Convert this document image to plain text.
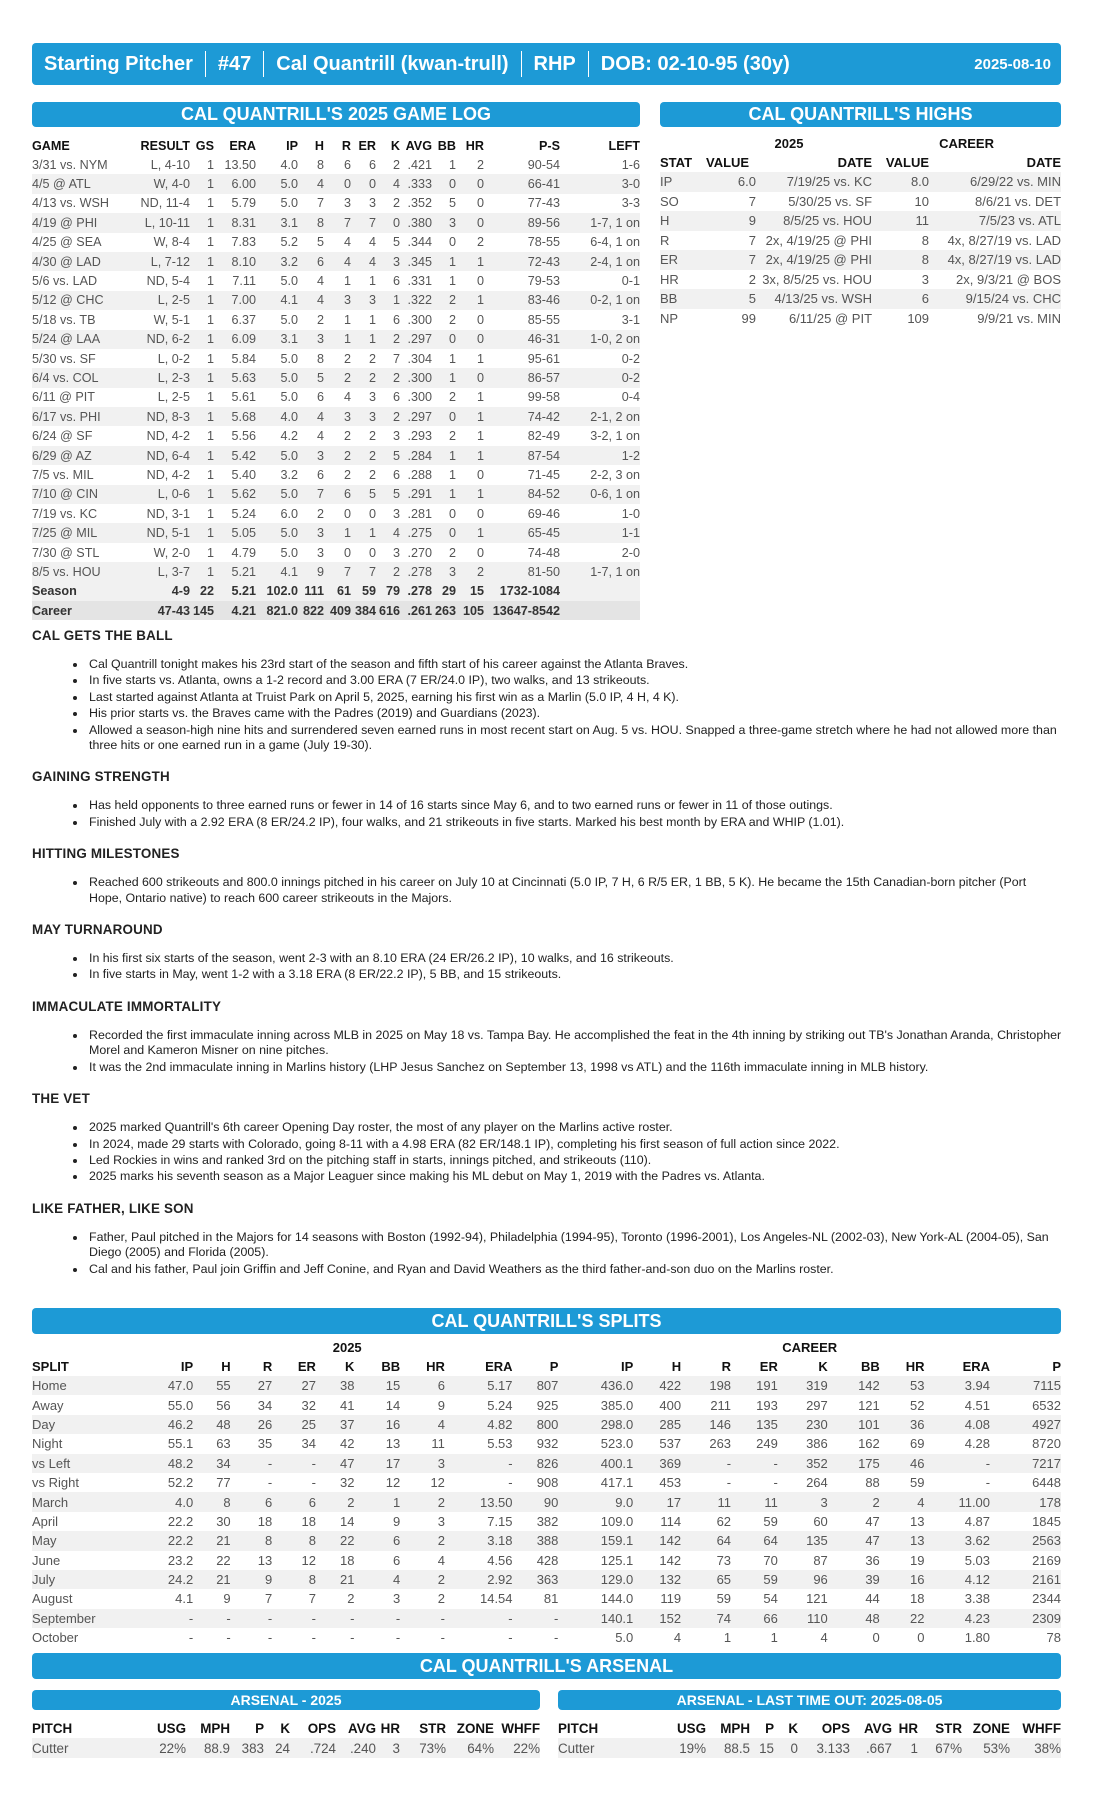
Starting Pitcher	#47	Cal Quantrill (kwan-trull)	RHP	DOB: 02-10-95 (30y)	2025-08-10
CAL QUANTRILL'S 2025 GAME LOG
GAME	RESULT	GS	ERA	IP	H	R	ER	K	AVG	BB	HR	P-S	LEFT
3/31 vs. NYM	L, 4-10	1	13.50	4.0	8	6	6	2	.421	1	2	90-54	1-6
4/5 @ ATL	W, 4-0	1	6.00	5.0	4	0	0	4	.333	0	0	66-41	3-0
4/13 vs. WSH	ND, 11-4	1	5.79	5.0	7	3	3	2	.352	5	0	77-43	3-3
4/19 @ PHI	L, 10-11	1	8.31	3.1	8	7	7	0	.380	3	0	89-56	1-7, 1 on
4/25 @ SEA	W, 8-4	1	7.83	5.2	5	4	4	5	.344	0	2	78-55	6-4, 1 on
4/30 @ LAD	L, 7-12	1	8.10	3.2	6	4	4	3	.345	1	1	72-43	2-4, 1 on
5/6 vs. LAD	ND, 5-4	1	7.11	5.0	4	1	1	6	.331	1	0	79-53	0-1
5/12 @ CHC	L, 2-5	1	7.00	4.1	4	3	3	1	.322	2	1	83-46	0-2, 1 on
5/18 vs. TB	W, 5-1	1	6.37	5.0	2	1	1	6	.300	2	0	85-55	3-1
5/24 @ LAA	ND, 6-2	1	6.09	3.1	3	1	1	2	.297	0	0	46-31	1-0, 2 on
5/30 vs. SF	L, 0-2	1	5.84	5.0	8	2	2	7	.304	1	1	95-61	0-2
6/4 vs. COL	L, 2-3	1	5.63	5.0	5	2	2	2	.300	1	0	86-57	0-2
6/11 @ PIT	L, 2-5	1	5.61	5.0	6	4	3	6	.300	2	1	99-58	0-4
6/17 vs. PHI	ND, 8-3	1	5.68	4.0	4	3	3	2	.297	0	1	74-42	2-1, 2 on
6/24 @ SF	ND, 4-2	1	5.56	4.2	4	2	2	3	.293	2	1	82-49	3-2, 1 on
6/29 @ AZ	ND, 6-4	1	5.42	5.0	3	2	2	5	.284	1	1	87-54	1-2
7/5 vs. MIL	ND, 4-2	1	5.40	3.2	6	2	2	6	.288	1	0	71-45	2-2, 3 on
7/10 @ CIN	L, 0-6	1	5.62	5.0	7	6	5	5	.291	1	1	84-52	0-6, 1 on
7/19 vs. KC	ND, 3-1	1	5.24	6.0	2	0	0	3	.281	0	0	69-46	1-0
7/25 @ MIL	ND, 5-1	1	5.05	5.0	3	1	1	4	.275	0	1	65-45	1-1
7/30 @ STL	W, 2-0	1	4.79	5.0	3	0	0	3	.270	2	0	74-48	2-0
8/5 vs. HOU	L, 3-7	1	5.21	4.1	9	7	7	2	.278	3	2	81-50	1-7, 1 on
Season	4-9	22	5.21	102.0	111	61	59	79	.278	29	15	1732-1084	
Career	47-43	145	4.21	821.0	822	409	384	616	.261	263	105	13647-8542	
CAL QUANTRILL'S HIGHS
	2025		CAREER	
STAT	VALUE	DATE	VALUE	DATE
IP	6.0	7/19/25 vs. KC	8.0	6/29/22 vs. MIN
SO	7	5/30/25 vs. SF	10	8/6/21 vs. DET
H	9	8/5/25 vs. HOU	11	7/5/23 vs. ATL
R	7	2x, 4/19/25 @ PHI	8	4x, 8/27/19 vs. LAD
ER	7	2x, 4/19/25 @ PHI	8	4x, 8/27/19 vs. LAD
HR	2	3x, 8/5/25 vs. HOU	3	2x, 9/3/21 @ BOS
BB	5	4/13/25 vs. WSH	6	9/15/24 vs. CHC
NP	99	6/11/25 @ PIT	109	9/9/21 vs. MIN
CAL GETS THE BALL
• Cal Quantrill tonight makes his 23rd start of the season and fifth start of his career against the Atlanta Braves.
• In five starts vs. Atlanta, owns a 1-2 record and 3.00 ERA (7 ER/24.0 IP), two walks, and 13 strikeouts.
• Last started against Atlanta at Truist Park on April 5, 2025, earning his first win as a Marlin (5.0 IP, 4 H, 4 K).
• His prior starts vs. the Braves came with the Padres (2019) and Guardians (2023).
• Allowed a season-high nine hits and surrendered seven earned runs in most recent start on Aug. 5 vs. HOU. Snapped a three-game stretch where he had not allowed more than three hits or one earned run in a game (July 19-30).
GAINING STRENGTH
• Has held opponents to three earned runs or fewer in 14 of 16 starts since May 6, and to two earned runs or fewer in 11 of those outings.
• Finished July with a 2.92 ERA (8 ER/24.2 IP), four walks, and 21 strikeouts in five starts. Marked his best month by ERA and WHIP (1.01).
HITTING MILESTONES
• Reached 600 strikeouts and 800.0 innings pitched in his career on July 10 at Cincinnati (5.0 IP, 7 H, 6 R/5 ER, 1 BB, 5 K). He became the 15th Canadian-born pitcher (Port Hope, Ontario native) to reach 600 career strikeouts in the Majors.
MAY TURNAROUND
• In his first six starts of the season, went 2-3 with an 8.10 ERA (24 ER/26.2 IP), 10 walks, and 16 strikeouts.
• In five starts in May, went 1-2 with a 3.18 ERA (8 ER/22.2 IP), 5 BB, and 15 strikeouts.
IMMACULATE IMMORTALITY
• Recorded the first immaculate inning across MLB in 2025 on May 18 vs. Tampa Bay. He accomplished the feat in the 4th inning by striking out TB's Jonathan Aranda, Christopher Morel and Kameron Misner on nine pitches.
• It was the 2nd immaculate inning in Marlins history (LHP Jesus Sanchez on September 13, 1998 vs ATL) and the 116th immaculate inning in MLB history.
THE VET
• 2025 marked Quantrill's 6th career Opening Day roster, the most of any player on the Marlins active roster.
• In 2024, made 29 starts with Colorado, going 8-11 with a 4.98 ERA (82 ER/148.1 IP), completing his first season of full action since 2022.
• Led Rockies in wins and ranked 3rd on the pitching staff in starts, innings pitched, and strikeouts (110).
• 2025 marks his seventh season as a Major Leaguer since making his ML debut on May 1, 2019 with the Padres vs. Atlanta.
LIKE FATHER, LIKE SON
• Father, Paul pitched in the Majors for 14 seasons with Boston (1992-94), Philadelphia (1994-95), Toronto (1996-2001), Los Angeles-NL (2002-03), New York-AL (2004-05), San Diego (2005) and Florida (2005).
• Cal and his father, Paul join Griffin and Jeff Conine, and Ryan and David Weathers as the third father-and-son duo on the Marlins roster.
CAL QUANTRILL'S SPLITS
	2025									CAREER								
SPLIT	IP	H	R	ER	K	BB	HR	ERA	P	IP	H	R	ER	K	BB	HR	ERA	P
Home	47.0	55	27	27	38	15	6	5.17	807	436.0	422	198	191	319	142	53	3.94	7115
Away	55.0	56	34	32	41	14	9	5.24	925	385.0	400	211	193	297	121	52	4.51	6532
Day	46.2	48	26	25	37	16	4	4.82	800	298.0	285	146	135	230	101	36	4.08	4927
Night	55.1	63	35	34	42	13	11	5.53	932	523.0	537	263	249	386	162	69	4.28	8720
vs Left	48.2	34	-	-	47	17	3	-	826	400.1	369	-	-	352	175	46	-	7217
vs Right	52.2	77	-	-	32	12	12	-	908	417.1	453	-	-	264	88	59	-	6448
March	4.0	8	6	6	2	1	2	13.50	90	9.0	17	11	11	3	2	4	11.00	178
April	22.2	30	18	18	14	9	3	7.15	382	109.0	114	62	59	60	47	13	4.87	1845
May	22.2	21	8	8	22	6	2	3.18	388	159.1	142	64	64	135	47	13	3.62	2563
June	23.2	22	13	12	18	6	4	4.56	428	125.1	142	73	70	87	36	19	5.03	2169
July	24.2	21	9	8	21	4	2	2.92	363	129.0	132	65	59	96	39	16	4.12	2161
August	4.1	9	7	7	2	3	2	14.54	81	144.0	119	59	54	121	44	18	3.38	2344
September	-	-	-	-	-	-	-	-	-	140.1	152	74	66	110	48	22	4.23	2309
October	-	-	-	-	-	-	-	-	-	5.0	4	1	1	4	0	0	1.80	78
CAL QUANTRILL'S ARSENAL
ARSENAL - 2025	ARSENAL - LAST TIME OUT: 2025-08-05
PITCH	USG	MPH	P	K	OPS	AVG	HR	STR	ZONE	WHFF
Cutter	22%	88.9	383	24	.724	.240	3	73%	64%	22%
PITCH	USG	MPH	P	K	OPS	AVG	HR	STR	ZONE	WHFF
Cutter	19%	88.5	15	0	3.133	.667	1	67%	53%	38%
